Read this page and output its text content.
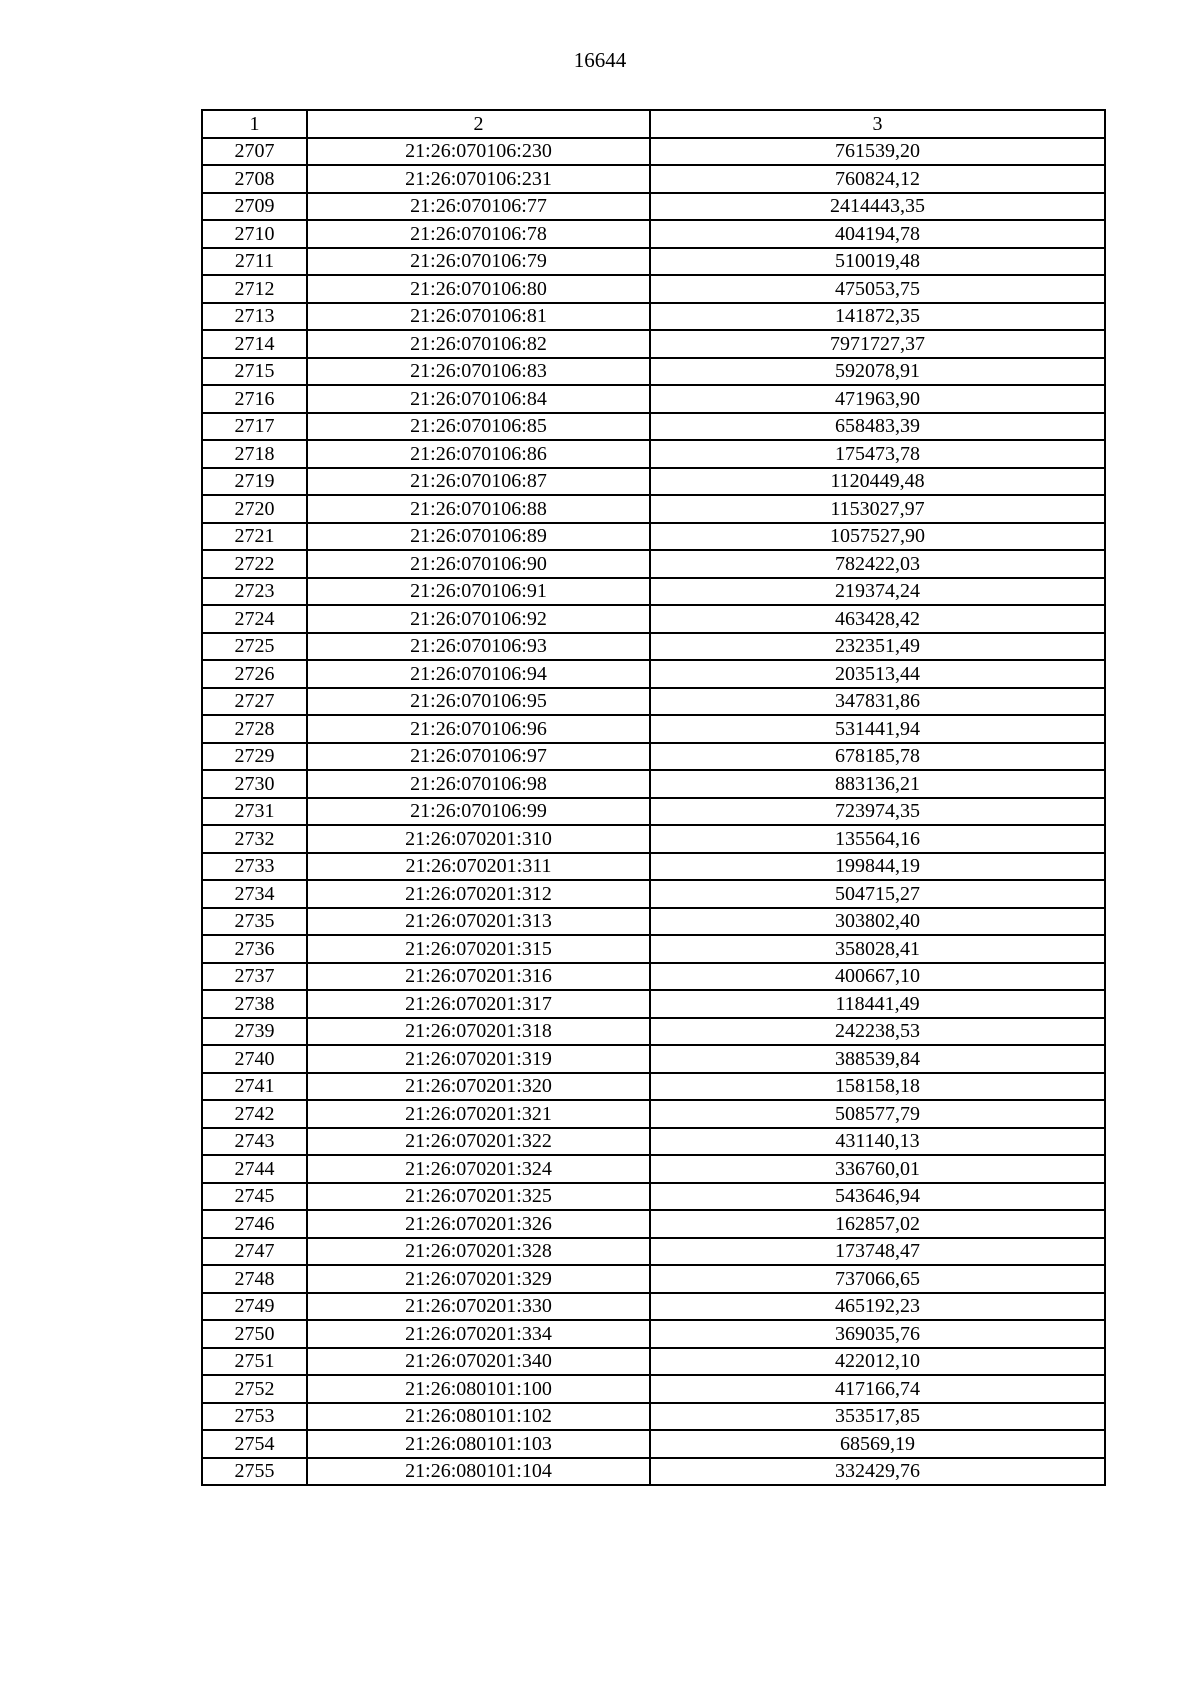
16644
1	2	3
2707	21:26:070106:230	761539,20
2708	21:26:070106:231	760824,12
2709	21:26:070106:77	2414443,35
2710	21:26:070106:78	404194,78
2711	21:26:070106:79	510019,48
2712	21:26:070106:80	475053,75
2713	21:26:070106:81	141872,35
2714	21:26:070106:82	7971727,37
2715	21:26:070106:83	592078,91
2716	21:26:070106:84	471963,90
2717	21:26:070106:85	658483,39
2718	21:26:070106:86	175473,78
2719	21:26:070106:87	1120449,48
2720	21:26:070106:88	1153027,97
2721	21:26:070106:89	1057527,90
2722	21:26:070106:90	782422,03
2723	21:26:070106:91	219374,24
2724	21:26:070106:92	463428,42
2725	21:26:070106:93	232351,49
2726	21:26:070106:94	203513,44
2727	21:26:070106:95	347831,86
2728	21:26:070106:96	531441,94
2729	21:26:070106:97	678185,78
2730	21:26:070106:98	883136,21
2731	21:26:070106:99	723974,35
2732	21:26:070201:310	135564,16
2733	21:26:070201:311	199844,19
2734	21:26:070201:312	504715,27
2735	21:26:070201:313	303802,40
2736	21:26:070201:315	358028,41
2737	21:26:070201:316	400667,10
2738	21:26:070201:317	118441,49
2739	21:26:070201:318	242238,53
2740	21:26:070201:319	388539,84
2741	21:26:070201:320	158158,18
2742	21:26:070201:321	508577,79
2743	21:26:070201:322	431140,13
2744	21:26:070201:324	336760,01
2745	21:26:070201:325	543646,94
2746	21:26:070201:326	162857,02
2747	21:26:070201:328	173748,47
2748	21:26:070201:329	737066,65
2749	21:26:070201:330	465192,23
2750	21:26:070201:334	369035,76
2751	21:26:070201:340	422012,10
2752	21:26:080101:100	417166,74
2753	21:26:080101:102	353517,85
2754	21:26:080101:103	68569,19
2755	21:26:080101:104	332429,76
